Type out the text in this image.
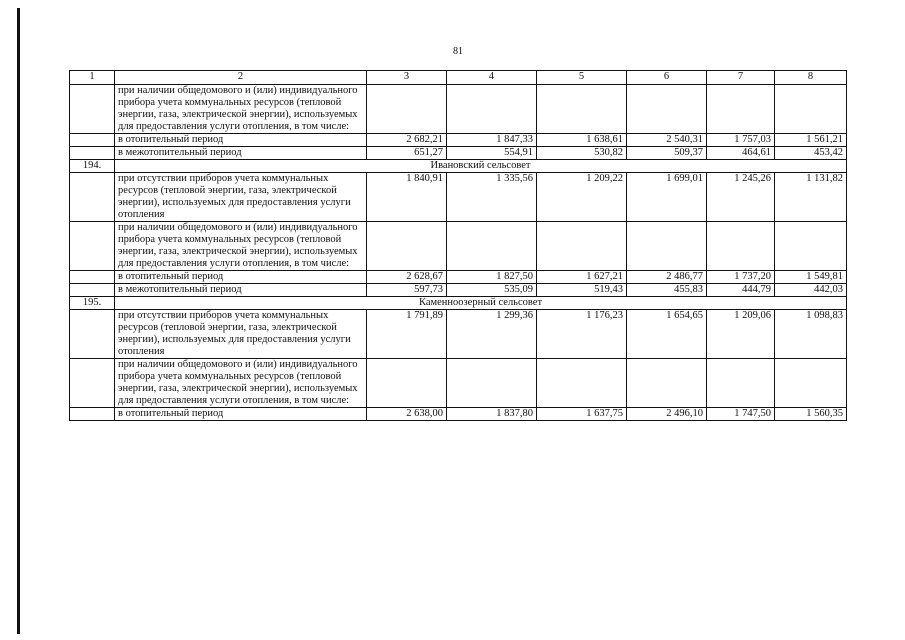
81
1	2	3	4	5	6	7	8
	при наличии общедомового и (или) индивидуального прибора учета коммунальных ресурсов (тепловой энергии, газа, электрической энергии), используемых для предоставления услуги отопления, в том числе:						
	в отопительный период	2 682,21	1 847,33	1 638,61	2 540,31	1 757,03	1 561,21
	в межотопительный период	651,27	554,91	530,82	509,37	464,61	453,42
194.	Ивановский сельсовет						
	при отсутствии приборов учета коммунальных ресурсов (тепловой энергии, газа, электрической энергии), используемых для предоставления услуги отопления	1 840,91	1 335,56	1 209,22	1 699,01	1 245,26	1 131,82
	при наличии общедомового и (или) индивидуального прибора учета коммунальных ресурсов (тепловой энергии, газа, электрической энергии), используемых для предоставления услуги отопления, в том числе:						
	в отопительный период	2 628,67	1 827,50	1 627,21	2 486,77	1 737,20	1 549,81
	в межотопительный период	597,73	535,09	519,43	455,83	444,79	442,03
195.	Каменноозерный сельсовет						
	при отсутствии приборов учета коммунальных ресурсов (тепловой энергии, газа, электрической энергии), используемых для предоставления услуги отопления	1 791,89	1 299,36	1 176,23	1 654,65	1 209,06	1 098,83
	при наличии общедомового и (или) индивидуального прибора учета коммунальных ресурсов (тепловой энергии, газа, электрической энергии), используемых для предоставления услуги отопления, в том числе:						
	в отопительный период	2 638,00	1 837,80	1 637,75	2 496,10	1 747,50	1 560,35
